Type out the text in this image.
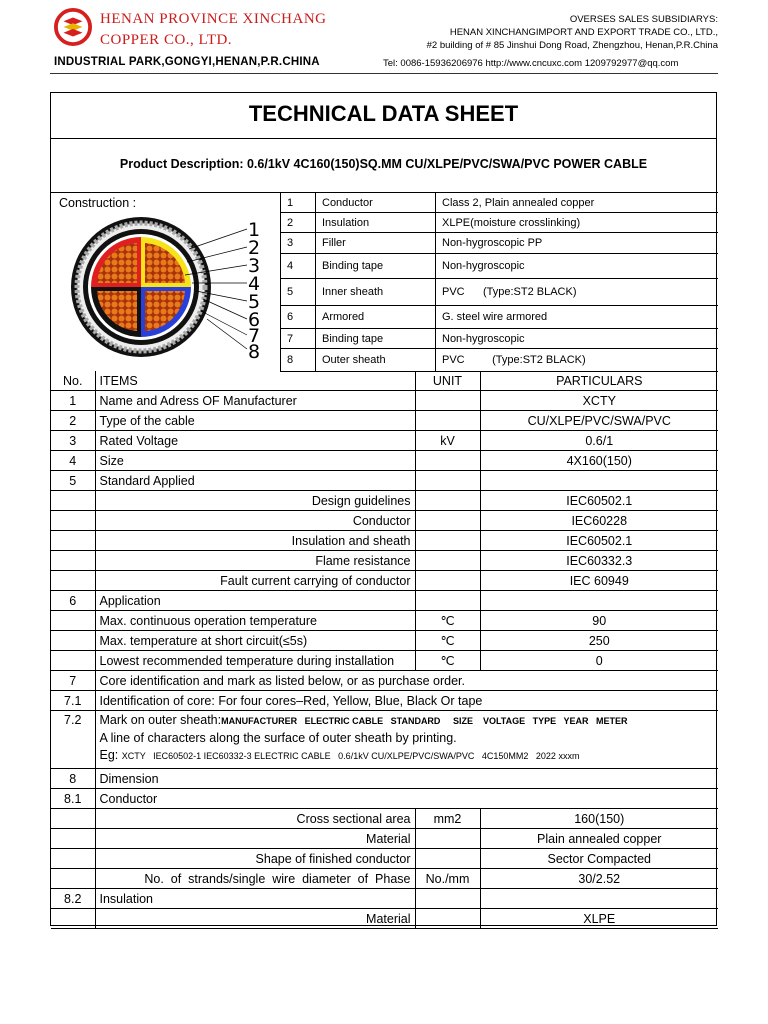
HENAN PROVINCE XINCHANG
COPPER CO., LTD.
INDUSTRIAL PARK,GONGYI,HENAN,P.R.CHINA
OVERSES SALES SUBSIDIARYS:
HENAN XINCHANGIMPORT AND EXPORT TRADE CO., LTD.,
#2 building of # 85 Jinshui Dong Road, Zhengzhou, Henan,P.R.China
Tel: 0086-15936206976 http://www.cncuxc.com 1209792977@qq.com
TECHNICAL DATA SHEET
Product Description: 0.6/1kV 4C160(150)SQ.MM CU/XLPE/PVC/SWA/PVC POWER CABLE
Construction :
1
2
3
4
5
6
7
8
1	Conductor	Class 2, Plain annealed copper
2	Insulation	XLPE(moisture crosslinking)
3	Filler	Non-hygroscopic PP
4	Binding tape	Non-hygroscopic
5	Inner sheath	PVC      (Type:ST2 BLACK)
6	Armored	G. steel wire armored
7	Binding tape	Non-hygroscopic
8	Outer sheath	PVC         (Type:ST2 BLACK)
No.	ITEMS	UNIT	PARTICULARS
1	Name and Adress OF Manufacturer		XCTY
2	Type of the cable		CU/XLPE/PVC/SWA/PVC
3	Rated Voltage	kV	0.6/1
4	Size		4X160(150)
5	Standard Applied		
	Design guidelines		IEC60502.1
	Conductor		IEC60228
	Insulation and sheath		IEC60502.1
	Flame resistance		IEC60332.3
	Fault current carrying of conductor		IEC 60949
6	Application		
	Max. continuous operation temperature	℃	90
	Max. temperature at short circuit(≤5s)	℃	250
	Lowest recommended temperature during installation	℃	0
7	Core identification and mark as listed below, or as purchase order.		
7.1	Identification of core: For four cores–Red, Yellow, Blue, Black Or tape		
7.2	Mark on outer sheath:MANUFACTURER   ELECTRIC CABLE   STANDARD     SIZE    VOLTAGE   TYPE   YEAR   METER
A line of characters along the surface of outer sheath by printing.
Eg: XCTY   IEC60502-1 IEC60332-3 ELECTRIC CABLE   0.6/1kV CU/XLPE/PVC/SWA/PVC   4C150MM2   2022 xxxm		

8	Dimension		
8.1	Conductor		
	Cross sectional area	mm2	160(150)
	Material		Plain annealed copper
	Shape of finished conductor		Sector Compacted
	No.  of  strands/single  wire  diameter  of  Phase	No./mm	30/2.52
8.2	Insulation		
	Material		XLPE
